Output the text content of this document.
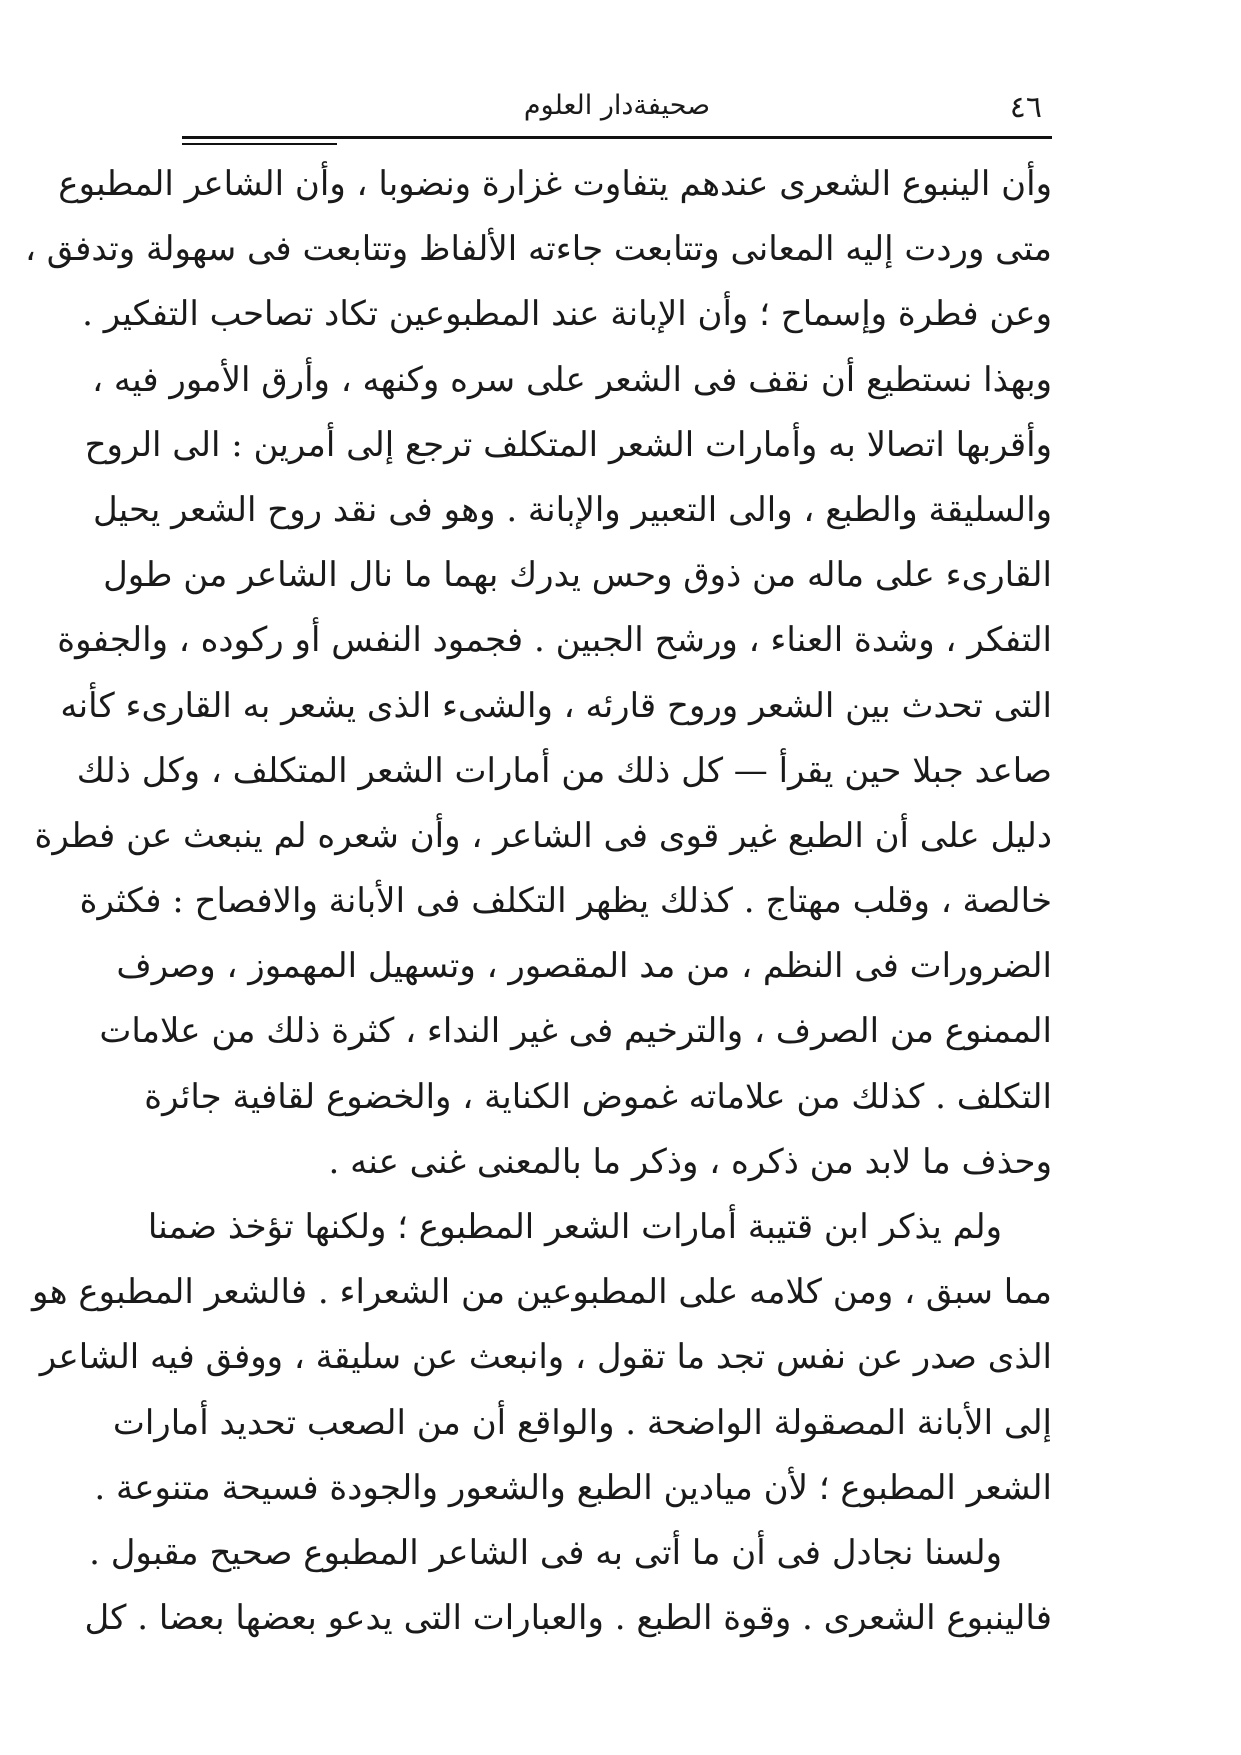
٤٦
صحيفةدار العلوم
وأن الينبوع الشعرى عندهم يتفاوت غزارة ونضوبا ، وأن الشاعر المطبوع
متى وردت إليه المعانى وتتابعت جاءته الألفاظ وتتابعت فى سهولة وتدفق ،
وعن فطرة وإسماح ؛ وأن الإبانة عند المطبوعين تكاد تصاحب التفكير .
وبهذا نستطيع أن نقف فى الشعر على سره وكنهه ، وأرق الأمور فيه ،
وأقربها اتصالا به وأمارات الشعر المتكلف ترجع إلى أمرين : الى الروح
والسليقة والطبع ، والى التعبير والإبانة . وهو فى نقد روح الشعر يحيل
القارىء على ماله من ذوق وحس يدرك بهما ما نال الشاعر من طول
التفكر ، وشدة العناء ، ورشح الجبين . فجمود النفس أو ركوده ، والجفوة
التى تحدث بين الشعر وروح قارئه ، والشىء الذى يشعر به القارىء كأنه
صاعد جبلا حين يقرأ — كل ذلك من أمارات الشعر المتكلف ، وكل ذلك
دليل على أن الطبع غير قوى فى الشاعر ، وأن شعره لم ينبعث عن فطرة
خالصة ، وقلب مهتاج . كذلك يظهر التكلف فى الأبانة والافصاح : فكثرة
الضرورات فى النظم ، من مد المقصور ، وتسهيل المهموز ، وصرف
الممنوع من الصرف ، والترخيم فى غير النداء ، كثرة ذلك من علامات
التكلف . كذلك من علاماته غموض الكناية ، والخضوع لقافية جائرة
وحذف ما لابد من ذكره ، وذكر ما بالمعنى غنى عنه .
ولم يذكر ابن قتيبة أمارات الشعر المطبوع ؛ ولكنها تؤخذ ضمنا
مما سبق ، ومن كلامه على المطبوعين من الشعراء . فالشعر المطبوع هو
الذى صدر عن نفس تجد ما تقول ، وانبعث عن سليقة ، ووفق فيه الشاعر
إلى الأبانة المصقولة الواضحة . والواقع أن من الصعب تحديد أمارات
الشعر المطبوع ؛ لأن ميادين الطبع والشعور والجودة فسيحة متنوعة .
ولسنا نجادل فى أن ما أتى به فى الشاعر المطبوع صحيح مقبول .
فالينبوع الشعرى . وقوة الطبع . والعبارات التى يدعو بعضها بعضا . كل
